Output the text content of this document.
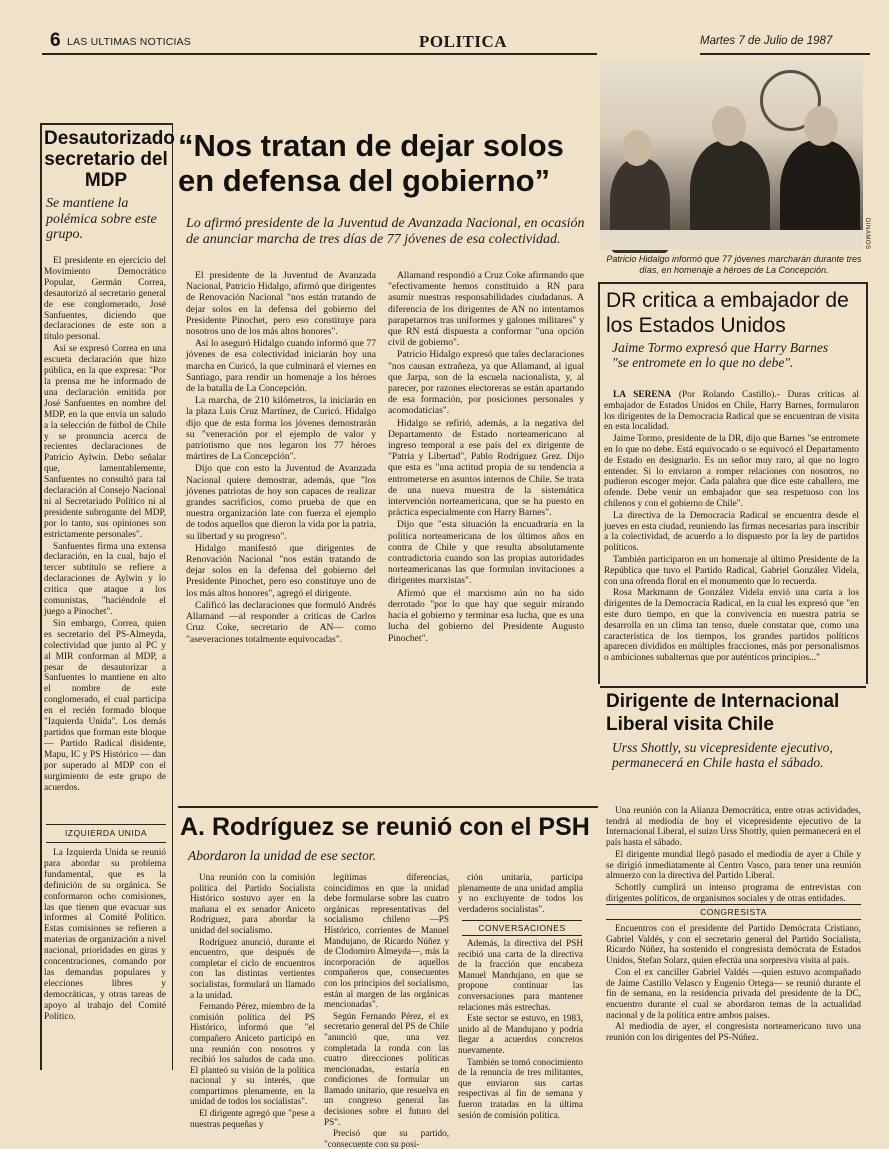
6 LAS ULTIMAS NOTICIAS	POLITICA	Martes 7 de Julio de 1987
Desautorizado secretario del MDP
Se mantiene la polémica sobre este grupo.

El presidente en ejercicio del Movimiento Democrático Popular, Germán Correa, desautorizó al secretario general de ese conglomerado, José Sanfuentes, diciendo que declaraciones de este son a título personal.

Así se expresó Correa en una escueta declaración que hizo pública, en la que expresa: "Por la prensa me he informado de una declaración emitida por José Sanfuentes en nombre del MDP, en la que envía un saludo a la selección de fútbol de Chile y se pronuncia acerca de recientes declaraciones de Patricio Aylwin. Debo señalar que, lamentablemente, Sanfuentes no consultó para tal declaración al Consejo Nacional ni al Secretariado Político ni al presidente subrogante del MDP, por lo tanto, sus opiniones son estrictamente personales".

Sanfuentes firma una extensa declaración, en la cual, bajo el tercer subtítulo se refiere a declaraciones de Aylwin y lo critica que ataque a los comunistas, "haciéndole el juego a Pinochet".

Sin embargo, Correa, quien es secretario del PS-Almeyda, colectividad que junto al PC y al MIR conforman al MDP, a pesar de desautorizar a Sanfuentes lo mantiene en alto el nombre de este conglomerado, el cual participa en el recién formado bloque "Izquierda Unida". Los demás partidos que forman este bloque — Partido Radical disidente, Mapu, IC y PS Histórico — dan por superado al MDP con el surgimiento de este grupo de acuerdos.

IZQUIERDA UNIDA

La Izquierda Unida se reunió para abordar su problema fundamental, que es la definición de su orgánica. Se conformaron ocho comisiones, las que tienen que evacuar sus informes al Comité Político. Estas comisiones se refieren a materias de organización a nivel nacional, prioridades en giras y concentraciones, comando por las demandas populares y elecciones libres y democráticas, y otras tareas de apoyo al trabajo del Comité Político.

“Nos tratan de dejar solos en defensa del gobierno”
Lo afirmó presidente de la Juventud de Avanzada Nacional, en ocasión de anunciar marcha de tres días de 77 jóvenes de esa colectividad.

El presidente de la Juventud de Avanzada Nacional, Patricio Hidalgo, afirmó que dirigentes de Renovación Nacional "nos están tratando de dejar solos en la defensa del gobierno del Presidente Pinochet, pero eso constituye para nosotros uno de los más altos honores".

Así lo aseguró Hidalgo cuando informó que 77 jóvenes de esa colectividad iniciarán hoy una marcha en Curicó, la que culminará el viernes en Santiago, para rendir un homenaje a los héroes de la batalla de La Concepción.

La marcha, de 210 kilómetros, la iniciarán en la plaza Luis Cruz Martínez, de Curicó. Hidalgo dijo que de esta forma los jóvenes demostrarán su "veneración por el ejemplo de valor y patriotismo que nos legaron los 77 héroes mártires de La Concepción".

Dijo que con esto la Juventud de Avanzada Nacional quiere demostrar, además, que "los jóvenes patriotas de hoy son capaces de realizar grandes sacrificios, como prueba de que en nuestra organización late con fuerza el ejemplo de todos aquellos que dieron la vida por la patria, su libertad y su progreso".

Hidalgo manifestó que dirigentes de Renovación Nacional "nos están tratando de dejar solos en la defensa del gobierno del Presidente Pinochet, pero eso constituye uno de los más altos honores", agregó el dirigente.

Calificó las declaraciones que formuló Andrés Allamand —al responder a críticas de Carlos Cruz Coke, secretario de AN— como "aseveraciones totalmente equivocadas".

Allamand respondió a Cruz Coke afirmando que "efectivamente hemos constituido a RN para asumir nuestras responsabilidades ciudadanas. A diferencia de los dirigentes de AN no intentamos parapetarnos tras uniformes y galones militares" y que RN está dispuesta a conformar "una opción civil de gobierno".

Patricio Hidalgo expresó que tales declaraciones "nos causan extrañeza, ya que Allamand, al igual que Jarpa, son de la escuela nacionalista, y, al parecer, por razones electoreras se están apartando de esa formación, por posiciones personales y acomodaticias".

Hidalgo se refirió, además, a la negativa del Departamento de Estado norteamericano al ingreso temporal a ese país del ex dirigente de "Patria y Libertad", Pablo Rodríguez Grez. Dijo que esta es "una actitud propia de su tendencia a entrometerse en asuntos internos de Chile. Se trata de una nueva muestra de la sistemática intervención norteamericana, que se ha puesto en práctica especialmente con Harry Barnes".

Dijo que "esta situación la encuadraría en la política norteamericana de los últimos años en contra de Chile y que resulta absolutamente contradictoria cuando son las propias autoridades norteamericanas las que formulan invitaciones a dirigentes marxistas".

Afirmó que el marxismo aún no ha sido derrotado "por lo que hay que seguir mirando hacia el gobierno y terminar esa lucha, que es una lucha del gobierno del Presidente Augusto Pinochet".

DINAMOS
Patricio Hidalgo informó que 77 jóvenes marcharán durante tres días, en homenaje a héroes de La Concepción.
DR critica a embajador de los Estados Unidos
Jaime Tormo expresó que Harry Barnes "se entromete en lo que no debe".

LA SERENA (Por Rolando Castillo).- Duras críticas al embajador de Estados Unidos en Chile, Harry Barnes, formularon los dirigentes de la Democracia Radical que se encuentran de visita en esta localidad.

Jaime Tormo, presidente de la DR, dijo que Barnes "se entromete en lo que no debe. Está equivocado o se equivocó el Departamento de Estado en designarlo. Es un señor muy raro, al que no logro entender. Si lo enviaron a romper relaciones con nosotros, no pudieron escoger mejor. Cada palabra que dice este caballero, me ofende. Debe venir un embajador que sea respetuoso con los chilenos y con el gobierno de Chile".

La directiva de la Democracia Radical se encuentra desde el jueves en esta ciudad, reuniendo las firmas necesarias para inscribir a la colectividad, de acuerdo a lo dispuesto por la ley de partidos políticos.

También participaron en un homenaje al último Presidente de la República que tuvo el Partido Radical, Gabriel González Videla, con una ofrenda floral en el monumento que lo recuerda.

Rosa Markmann de González Videla envió una carta a los dirigentes de la Democracia Radical, en la cual les expresó que "en este duro tiempo, en que la convivencia en nuestra patria se desarrolla en un clima tan tenso, duele constatar que, como una característica de los tiempos, los grandes partidos políticos aparecen divididos en múltiples fracciones, más por personalismos o ambiciones subalternas que por auténticos principios..."

A. Rodríguez se reunió con el PSH
Abordaron la unidad de ese sector.

Una reunión con la comisión política del Partido Socialista Histórico sostuvo ayer en la mañana el ex senador Aniceto Rodríguez, para abordar la unidad del socialismo.

Rodríguez anunció, durante el encuentro, que después de completar el ciclo de encuentros con las distintas vertientes socialistas, formulará un llamado a la unidad.

Fernando Pérez, miembro de la comisión política del PS Histórico, informó que "el compañero Aniceto participó en una reunión con nosotros y recibió los saludos de cada uno. El planteó su visión de la política nacional y su interés, que compartimos plenamente, en la unidad de todos los socialistas".

El dirigente agregó que "pese a nuestras pequeñas y

legítimas diferencias, coincidimos en que la unidad debe formularse sobre las cuatro orgánicas representativas del socialismo chileno —PS Histórico, corrientes de Manuel Mandujano, de Ricardo Núñez y de Clodomiro Almeyda—, más la incorporación de aquellos compañeros que, consecuentes con los principios del socialismo, están al margen de las orgánicas mencionadas".

Según Fernando Pérez, el ex secretario general del PS de Chile "anunció que, una vez completada la ronda con las cuatro direcciones políticas mencionadas, estaría en condiciones de formular un llamado unitario, que resuelva en un congreso general las decisiones sobre el futuro del PS".

Precisó que su partido, "consecuente con su posi-

ción unitaria, participa plenamente de una unidad amplia y no excluyente de todos los verdaderos socialistas".

CONVERSACIONES

Además, la directiva del PSH recibió una carta de la directiva de la fracción que encabeza Manuel Mandujano, en que se propone continuar las conversaciones para mantener relaciones más estrechas.

Este sector se estuvo, en 1983, unido al de Mandujano y podría llegar a acuerdos concretos nuevamente.

También se tomó conocimiento de la renuncia de tres militantes, que enviaron sus cartas respectivas al fin de semana y fueron tratadas en la última sesión de comisión política.

Dirigente de Internacional Liberal visita Chile
Urss Shottly, su vicepresidente ejecutivo, permanecerá en Chile hasta el sábado.

Una reunión con la Alianza Democrática, entre otras actividades, tendrá al mediodía de hoy el vicepresidente ejecutivo de la Internacional Liberal, el suizo Urss Shottly, quien permanecerá en el país hasta el sábado.

El dirigente mundial llegó pasado el mediodía de ayer a Chile y se dirigió inmediatamente al Centro Vasco, para tener una reunión almuerzo con la directiva del Partido Liberal.

Schottly cumplirá un intenso programa de entrevistas con dirigentes políticos, de organismos sociales y de otras entidades.

CONGRESISTA

Encuentros con el presidente del Partido Demócrata Cristiano, Gabriel Valdés, y con el secretario general del Partido Socialista, Ricardo Núñez, ha sostenido el congresista demócrata de Estados Unidos, Stefan Solarz, quien efectúa una sorpresiva visita al país.

Con el ex canciller Gabriel Valdés —quien estuvo acompañado de Jaime Castillo Velasco y Eugenio Ortega— se reunió durante el fin de semana, en la residencia privada del presidente de la DC, encuentro durante el cual se abordaron temas de la actualidad nacional y de la política entre ambos países.

Al mediodía de ayer, el congresista norteamericano tuvo una reunión con los dirigentes del PS-Núñez.
